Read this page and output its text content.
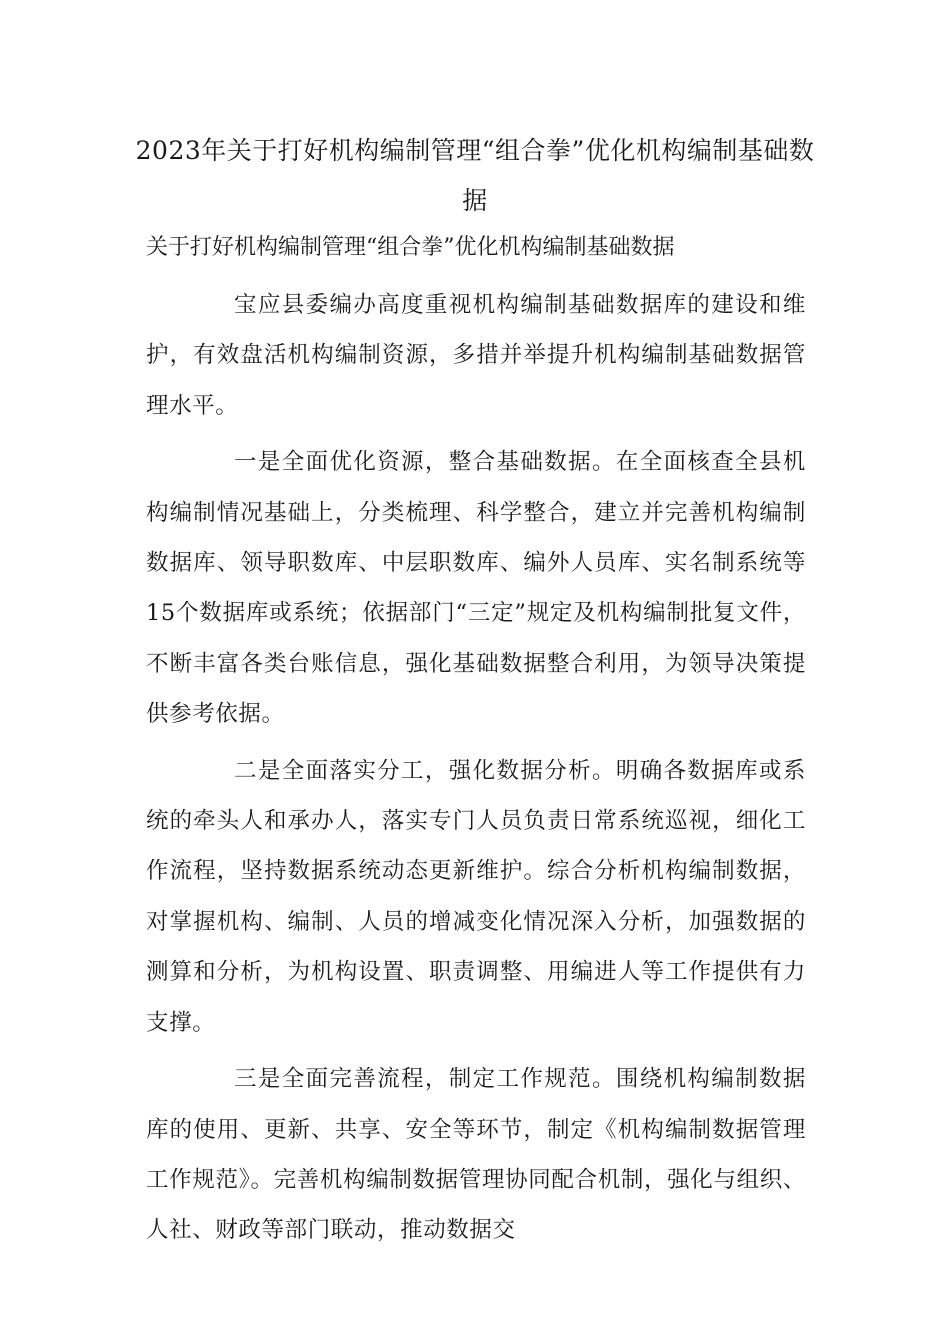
2023年关于打好机构编制管理“组合拳”优化机构编制基础数据

关于打好机构编制管理“组合拳”优化机构编制基础数据

宝应县委编办高度重视机构编制基础数据库的建设和维护，有效盘活机构编制资源，多措并举提升机构编制基础数据管理水平。

一是全面优化资源，整合基础数据。在全面核查全县机构编制情况基础上，分类梳理、科学整合，建立并完善机构编制数据库、领导职数库、中层职数库、编外人员库、实名制系统等15个数据库或系统；依据部门“三定”规定及机构编制批复文件，不断丰富各类台账信息，强化基础数据整合利用，为领导决策提供参考依据。

二是全面落实分工，强化数据分析。明确各数据库或系统的牵头人和承办人，落实专门人员负责日常系统巡视，细化工作流程，坚持数据系统动态更新维护。综合分析机构编制数据，对掌握机构、编制、人员的增减变化情况深入分析，加强数据的测算和分析，为机构设置、职责调整、用编进人等工作提供有力支撑。

三是全面完善流程，制定工作规范。围绕机构编制数据库的使用、更新、共享、安全等环节，制定《机构编制数据管理工作规范》。完善机构编制数据管理协同配合机制，强化与组织、人社、财政等部门联动，推动数据交
